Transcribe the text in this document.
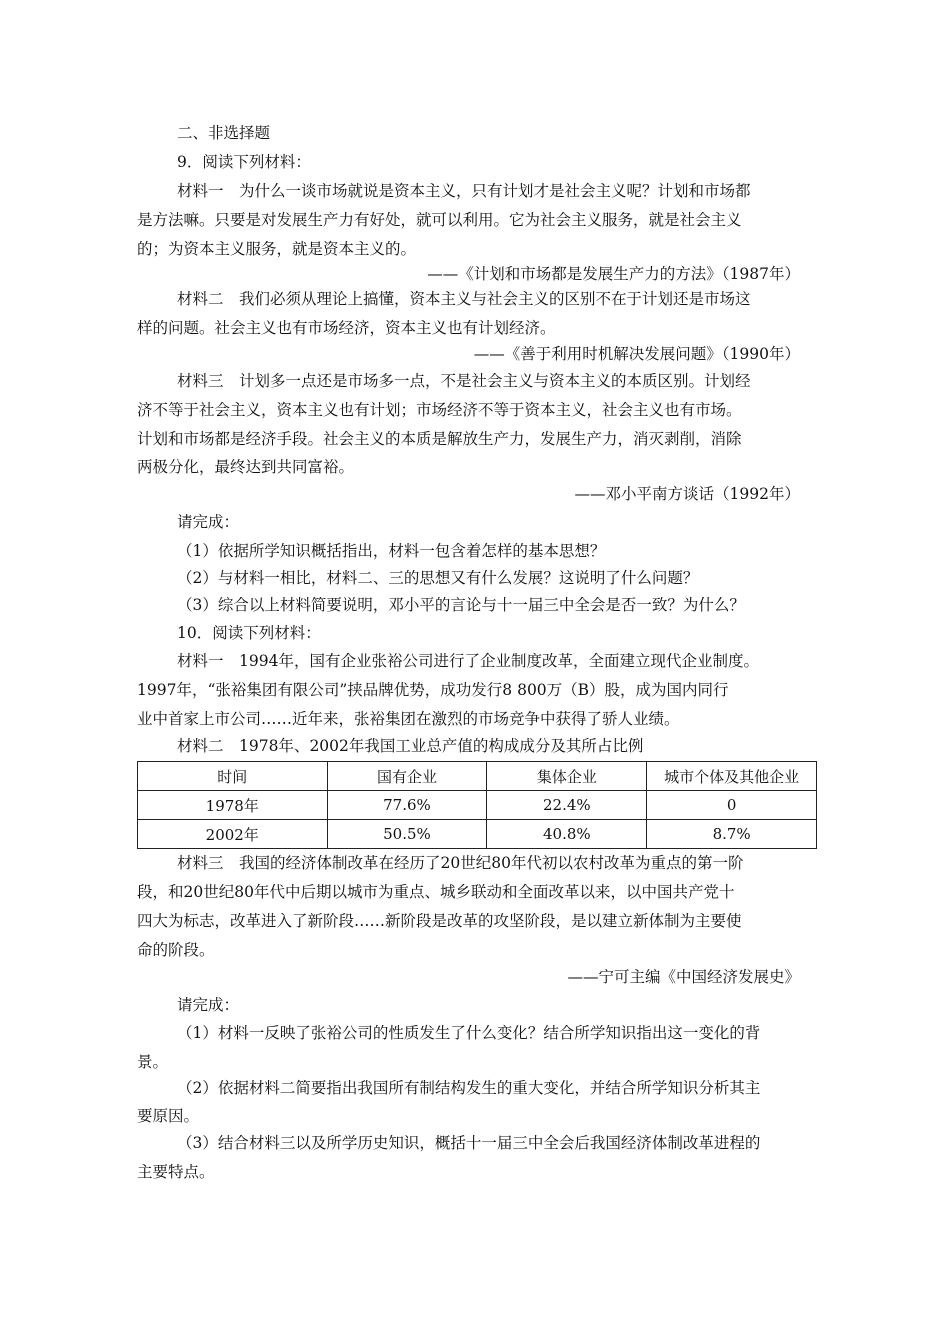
二、非选择题
9．阅读下列材料：
材料一　为什么一谈市场就说是资本主义，只有计划才是社会主义呢？计划和市场都
是方法嘛。只要是对发展生产力有好处，就可以利用。它为社会主义服务，就是社会主义
的；为资本主义服务，就是资本主义的。
——《计划和市场都是发展生产力的方法》（1987年）
材料二　我们必须从理论上搞懂，资本主义与社会主义的区别不在于计划还是市场这
样的问题。社会主义也有市场经济，资本主义也有计划经济。
——《善于利用时机解决发展问题》（1990年）
材料三　计划多一点还是市场多一点，不是社会主义与资本主义的本质区别。计划经
济不等于社会主义，资本主义也有计划；市场经济不等于资本主义，社会主义也有市场。
计划和市场都是经济手段。社会主义的本质是解放生产力，发展生产力，消灭剥削，消除
两极分化，最终达到共同富裕。
——邓小平南方谈话（1992年）
请完成：
（1）依据所学知识概括指出，材料一包含着怎样的基本思想？
（2）与材料一相比，材料二、三的思想又有什么发展？这说明了什么问题？
（3）综合以上材料简要说明，邓小平的言论与十一届三中全会是否一致？为什么？
10．阅读下列材料：
材料一　1994年，国有企业张裕公司进行了企业制度改革，全面建立现代企业制度。
1997年，“张裕集团有限公司”挟品牌优势，成功发行8 800万（B）股，成为国内同行
业中首家上市公司……近年来，张裕集团在激烈的市场竞争中获得了骄人业绩。
材料二　1978年、2002年我国工业总产值的构成成分及其所占比例
时间	国有企业	集体企业	城市个体及其他企业
1978年	77.6%	22.4%	0
2002年	50.5%	40.8%	8.7%
材料三　我国的经济体制改革在经历了20世纪80年代初以农村改革为重点的第一阶
段，和20世纪80年代中后期以城市为重点、城乡联动和全面改革以来，以中国共产党十
四大为标志，改革进入了新阶段……新阶段是改革的攻坚阶段，是以建立新体制为主要使
命的阶段。
——宁可主编《中国经济发展史》
请完成：
（1）材料一反映了张裕公司的性质发生了什么变化？结合所学知识指出这一变化的背
景。
（2）依据材料二简要指出我国所有制结构发生的重大变化，并结合所学知识分析其主
要原因。
（3）结合材料三以及所学历史知识，概括十一届三中全会后我国经济体制改革进程的
主要特点。
